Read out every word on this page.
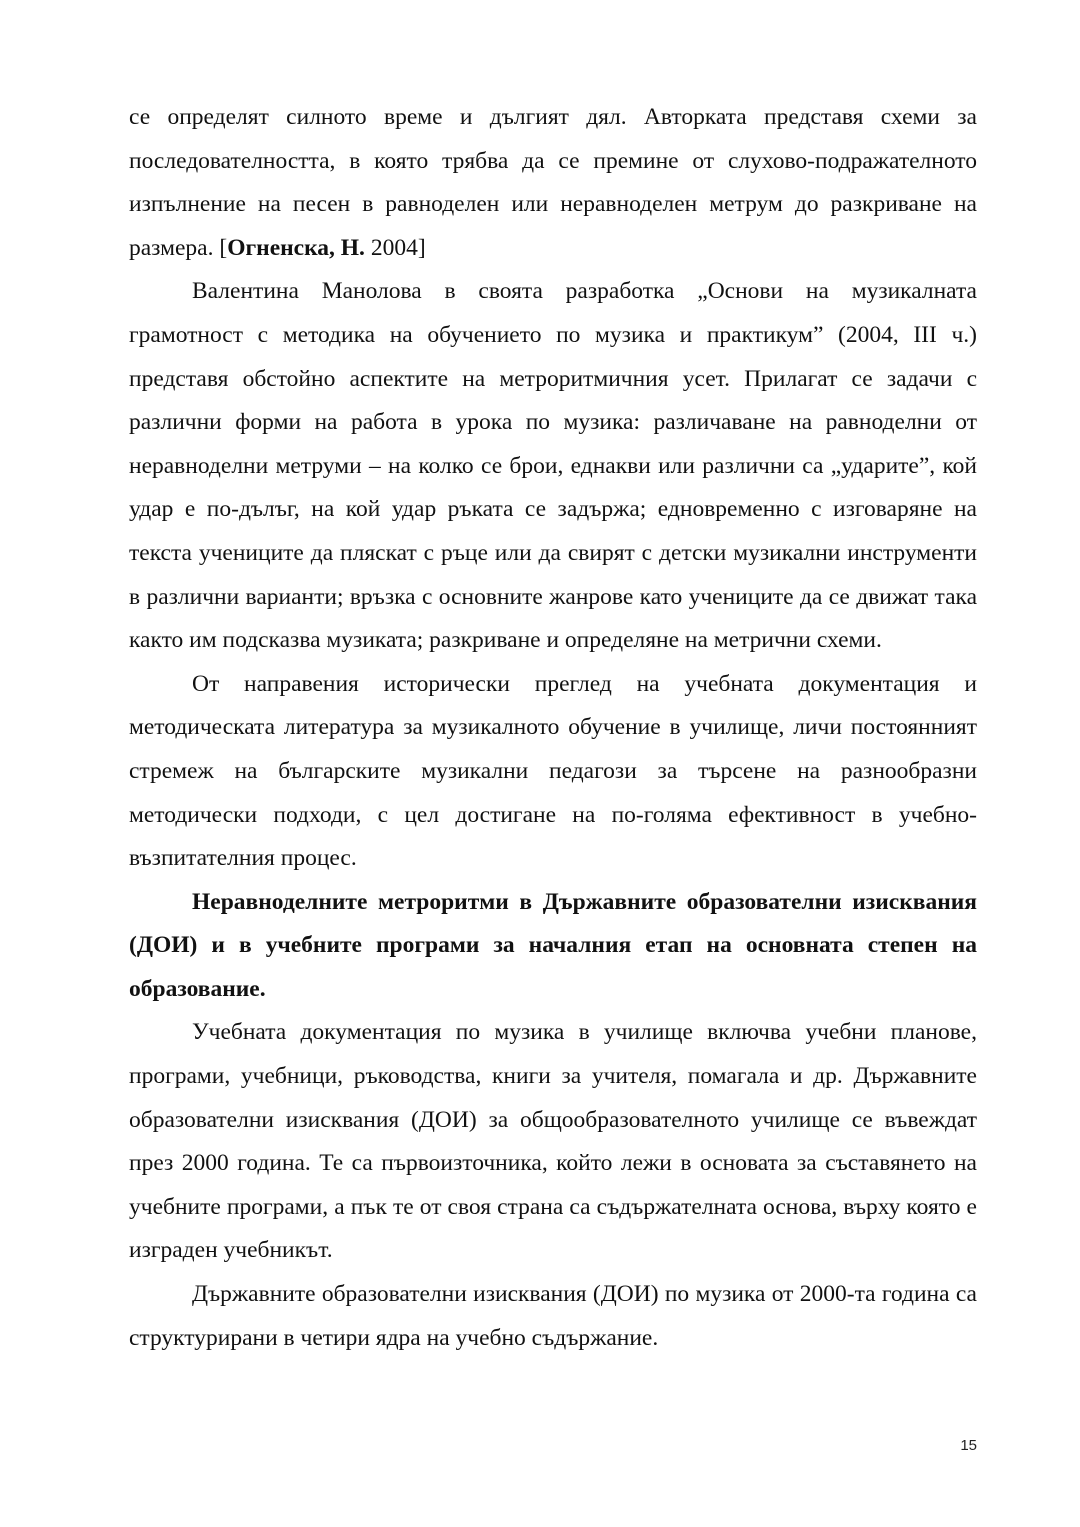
се определят силното време и дългият дял. Авторката представя схеми за последователността, в която трябва да се премине от слухово-подражателното изпълнение на песен в равноделен или неравноделен метрум до разкриване на размера. [Огненска, Н. 2004]

Валентина Манолова в своята разработка „Основи на музикалната грамотност с методика на обучението по музика и практикум” (2004, III ч.) представя обстойно аспектите на метроритмичния усет. Прилагат се задачи с различни форми на работа в урока по музика: различаване на равноделни от неравноделни метруми – на колко се брои, еднакви или различни са „ударите”, кой удар е по-дълъг, на кой удар ръката се задържа; едновременно с изговаряне на текста учениците да пляскат с ръце или да свирят с детски музикални инструменти в различни варианти; връзка с основните жанрове като учениците да се движат така както им подсказва музиката; разкриване и определяне на метрични схеми.

От направения исторически преглед на учебната документация и методическата литература за музикалното обучение в училище, личи постоянният стремеж на българските музикални педагози за търсене на разнообразни методически подходи, с цел достигане на по-голяма ефективност в учебно-възпитателния процес.

Неравноделните метроритми в Държавните образователни изисквания (ДОИ) и в учебните програми за началния етап на основната степен на образование.

Учебната документация по музика в училище включва учебни планове, програми, учебници, ръководства, книги за учителя, помагала и др. Държавните образователни изисквания (ДОИ) за общообразователното училище се въвеждат през 2000 година. Те са първоизточника, който лежи в основата за съставянето на учебните програми, а пък те от своя страна са съдържателната основа, върху която е изграден учебникът.

Държавните образователни изисквания (ДОИ) по музика от 2000-та година са структурирани в четири ядра на учебно съдържание.

15
